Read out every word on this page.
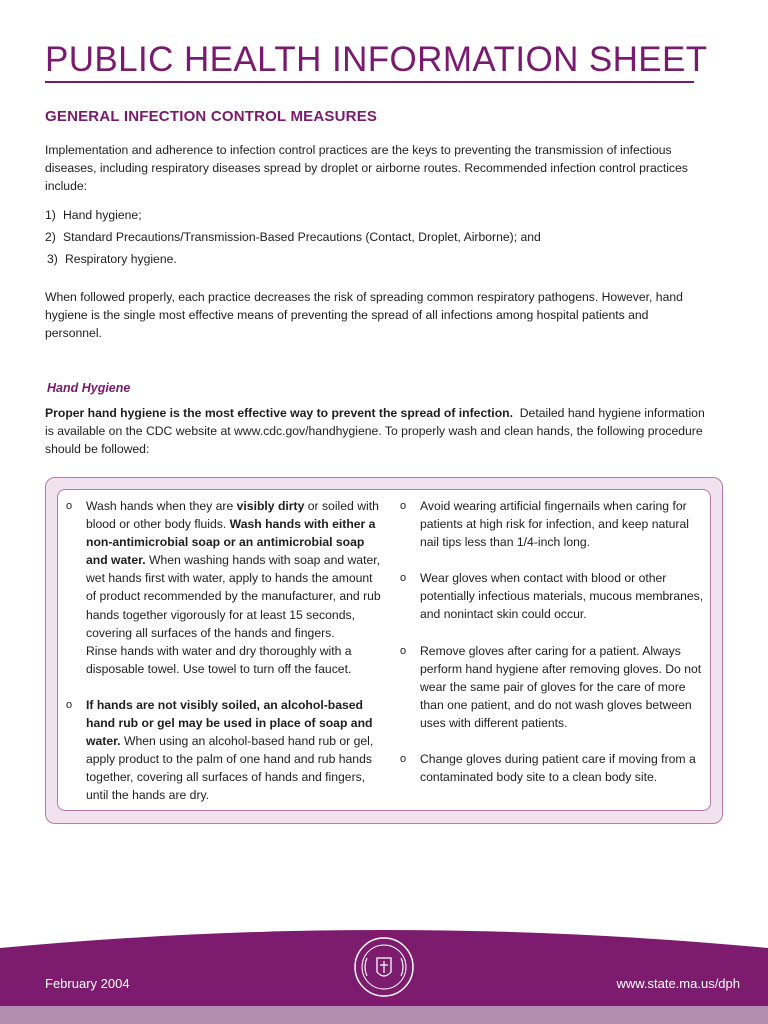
PUBLIC HEALTH INFORMATION SHEET
GENERAL INFECTION CONTROL MEASURES

Implementation and adherence to infection control practices are the keys to preventing the transmission of infectious diseases, including respiratory diseases spread by droplet or airborne routes. Recommended infection control practices include:

1) Hand hygiene;
2) Standard Precautions/Transmission-Based Precautions (Contact, Droplet, Airborne); and
3) Respiratory hygiene.

When followed properly, each practice decreases the risk of spreading common respiratory pathogens. However, hand hygiene is the single most effective means of preventing the spread of all infections among hospital patients and personnel.

Hand Hygiene

Proper hand hygiene is the most effective way to prevent the spread of infection. Detailed hand hygiene information is available on the CDC website at www.cdc.gov/handhygiene. To properly wash and clean hands, the following procedure should be followed:

o	Wash hands when they are visibly dirty or soiled with blood or other body fluids. Wash hands with either a non-antimicrobial soap or an antimicrobial soap and water. When washing hands with soap and water, wet hands first with water, apply to hands the amount of product recommended by the manufacturer, and rub hands together vigorously for at least 15 seconds, covering all surfaces of the hands and fingers.
Rinse hands with water and dry thoroughly with a disposable towel. Use towel to turn off the faucet.
o	If hands are not visibly soiled, an alcohol-based hand rub or gel may be used in place of soap and water. When using an alcohol-based hand rub or gel, apply product to the palm of one hand and rub hands together, covering all surfaces of hands and fingers, until the hands are dry.
o	Avoid wearing artificial fingernails when caring for patients at high risk for infection, and keep natural nail tips less than 1/4-inch long.
o	Wear gloves when contact with blood or other potentially infectious materials, mucous membranes, and nonintact skin could occur.
o	Remove gloves after caring for a patient. Always perform hand hygiene after removing gloves. Do not wear the same pair of gloves for the care of more than one patient, and do not wash gloves between uses with different patients.
o	Change gloves during patient care if moving from a contaminated body site to a clean body site.
February 2004	www.state.ma.us/dph
